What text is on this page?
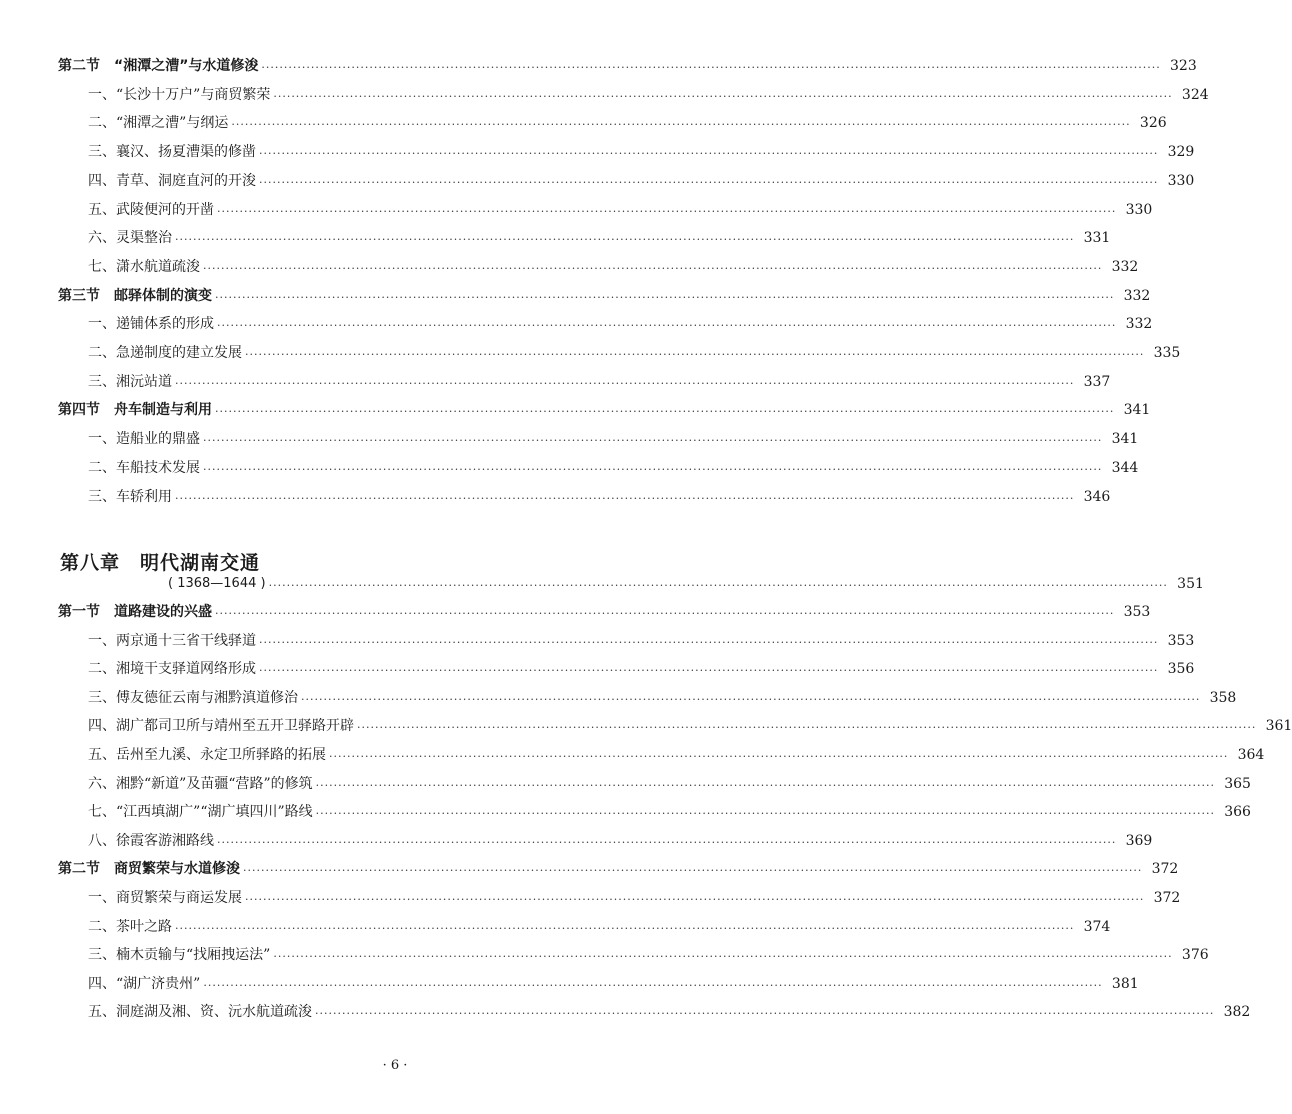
第二节　“湘潭之漕”与水道修浚 ········································································································································································································ 323
一、“长沙十万户”与商贸繁荣 ········································································································································································································ 324
二、“湘潭之漕”与纲运 ········································································································································································································ 326
三、襄汉、扬夏漕渠的修凿 ········································································································································································································ 329
四、青草、洞庭直河的开浚 ········································································································································································································ 330
五、武陵便河的开凿 ········································································································································································································ 330
六、灵渠整治 ········································································································································································································ 331
七、潇水航道疏浚 ········································································································································································································ 332
第三节　邮驿体制的演变 ········································································································································································································ 332
一、递铺体系的形成 ········································································································································································································ 332
二、急递制度的建立发展 ········································································································································································································ 335
三、湘沅站道 ········································································································································································································ 337
第四节　舟车制造与利用 ········································································································································································································ 341
一、造船业的鼎盛 ········································································································································································································ 341
二、车船技术发展 ········································································································································································································ 344
三、车轿利用 ········································································································································································································ 346
第一节　道路建设的兴盛 ········································································································································································································ 353
一、两京通十三省干线驿道 ········································································································································································································ 353
二、湘境干支驿道网络形成 ········································································································································································································ 356
三、傅友德征云南与湘黔滇道修治 ········································································································································································································ 358
四、湖广都司卫所与靖州至五开卫驿路开辟 ········································································································································································································ 361
五、岳州至九溪、永定卫所驿路的拓展 ········································································································································································································ 364
六、湘黔“新道”及苗疆“营路”的修筑 ········································································································································································································ 365
七、“江西填湖广”“湖广填四川”路线 ········································································································································································································ 366
八、徐霞客游湘路线 ········································································································································································································ 369
第二节　商贸繁荣与水道修浚 ········································································································································································································ 372
一、商贸繁荣与商运发展 ········································································································································································································ 372
二、茶叶之路 ········································································································································································································ 374
三、楠木贡输与“找厢拽运法” ········································································································································································································ 376
四、“湖广济贵州” ········································································································································································································ 381
五、洞庭湖及湘、资、沅水航道疏浚 ········································································································································································································ 382
第八章　明代湖南交通
( 1368—1644 ) ········································································································································································································ 351
· 6 ·
